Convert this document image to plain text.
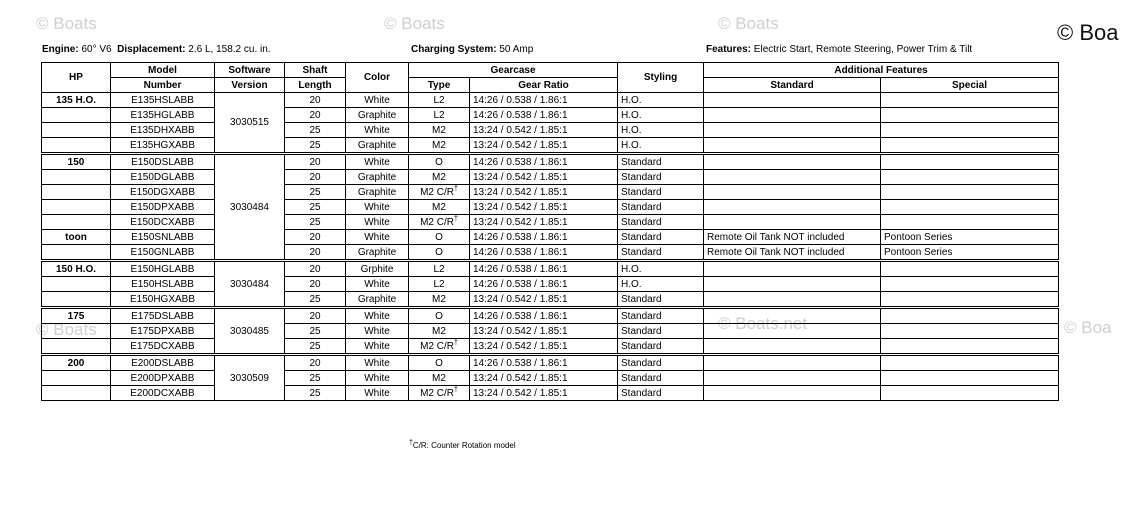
© Boats	© Boats	© Boats
© Boats.net	© Boa
© Boats
© Boa
Engine: 60° V6 Displacement: 2.6 L, 158.2 cu. in.	Charging System: 50 Amp	Features: Electric Start, Remote Steering, Power Trim & Tilt
HP	Model	Software	Shaft	Color	Gearcase		Styling	Additional Features	
	Number	Version	Length		Type	Gear Ratio		Standard	Special
135 H.O.	E135HSLABB	3030515	20	White	L2	14:26 / 0.538 / 1.86:1	H.O.		
	E135HGLABB		20	Graphite	L2	14:26 / 0.538 / 1.86:1	H.O.		
	E135DHXABB		25	White	M2	13:24 / 0.542 / 1.85:1	H.O.		
	E135HGXABB		25	Graphite	M2	13:24 / 0.542 / 1.85:1	H.O.		
150	E150DSLABB	3030484	20	White	O	14:26 / 0.538 / 1.86:1	Standard		
	E150DGLABB		20	Graphite	M2	13:24 / 0.542 / 1.85:1	Standard		
	E150DGXABB		25	Graphite	M2 C/R†	13:24 / 0.542 / 1.85:1	Standard		
	E150DPXABB		25	White	M2	13:24 / 0.542 / 1.85:1	Standard		
	E150DCXABB		25	White	M2 C/R†	13:24 / 0.542 / 1.85:1	Standard		
toon	E150SNLABB		20	White	O	14:26 / 0.538 / 1.86:1	Standard	Remote Oil Tank NOT included	Pontoon Series
	E150GNLABB		20	Graphite	O	14:26 / 0.538 / 1.86:1	Standard	Remote Oil Tank NOT included	Pontoon Series
150 H.O.	E150HGLABB	3030484	20	Grphite	L2	14:26 / 0.538 / 1.86:1	H.O.		
	E150HSLABB		20	White	L2	14:26 / 0.538 / 1.86:1	H.O.		
	E150HGXABB		25	Graphite	M2	13:24 / 0.542 / 1.85:1	Standard		
175	E175DSLABB	3030485	20	White	O	14:26 / 0.538 / 1.86:1	Standard		
	E175DPXABB		25	White	M2	13:24 / 0.542 / 1.85:1	Standard		
	E175DCXABB		25	White	M2 C/R†	13:24 / 0.542 / 1.85:1	Standard		
200	E200DSLABB	3030509	20	White	O	14:26 / 0.538 / 1.86:1	Standard		
	E200DPXABB		25	White	M2	13:24 / 0.542 / 1.85:1	Standard		
	E200DCXABB		25	White	M2 C/R†	13:24 / 0.542 / 1.85:1	Standard		
†C/R: Counter Rotation model
